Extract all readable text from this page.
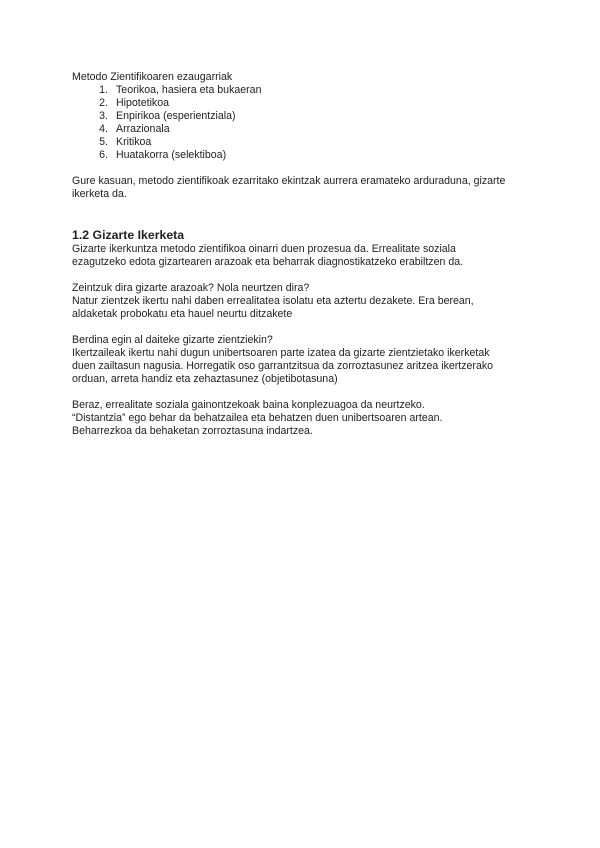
Metodo Zientifikoaren ezaugarriak

1. Teorikoa, hasiera eta bukaeran
2. Hipotetikoa
3. Enpirikoa (esperientziala)
4. Arrazionala
5. Kritikoa
6. Huatakorra (selektiboa)

Gure kasuan, metodo zientifikoak ezarritako ekintzak aurrera eramateko arduraduna, gizarte

ikerketa da.

1.2 Gizarte Ikerketa

Gizarte ikerkuntza metodo zientifikoa oinarri duen prozesua da. Errealitate soziala

ezagutzeko edota gizartearen arazoak eta beharrak diagnostikatzeko erabiltzen da.

Zeintzuk dira gizarte arazoak? Nola neurtzen dira?

Natur zientzek ikertu nahi daben errealitatea isolatu eta aztertu dezakete. Era berean,

aldaketak probokatu eta hauel neurtu ditzakete

Berdina egin al daiteke gizarte zientziekin?

Ikertzaileak ikertu nahi dugun unibertsoaren parte izatea da gizarte zientzietako ikerketak

duen zailtasun nagusia. Horregatik oso garrantzitsua da zorroztasunez aritzea ikertzerako

orduan, arreta handiz eta zehaztasunez (objetibotasuna)

Beraz, errealitate soziala gainontzekoak baina konplezuagoa da neurtzeko.

“Distantzia” ego behar da behatzailea eta behatzen duen unibertsoaren artean.

Beharrezkoa da behaketan zorroztasuna indartzea.
